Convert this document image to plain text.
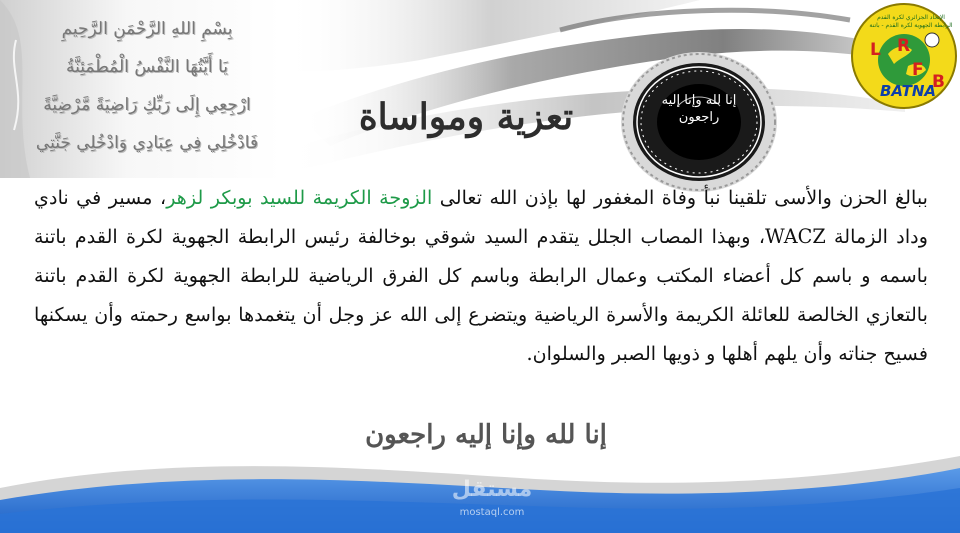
بِسْمِ اللهِ الرَّحْمَنِ الرَّحِيمِ
يَا أَيَّتُهَا النَّفْسُ الْمُطْمَئِنَّةُ
ارْجِعِي إِلَى رَبِّكِ رَاضِيَةً مَّرْضِيَّةً
فَادْخُلِي فِي عِبَادِي وَادْخُلِي جَنَّتِي
تعزية ومواساة	إنا لله وإنا إليه
راجعون
الإتحاد الجزائري لكرة القدم الرابطة الجهوية لكرة القدم - باتنة
L R
F
B
BATNA
ببالغ الحزن والأسى تلقينا نبأ وفاة المغفور لها بإذن الله تعالى الزوجة الكريمة للسيد بوبكر لزهر، مسير في نادي وداد الزمالة WACZ، وبهذا المصاب الجلل يتقدم السيد شوقي بوخالفة رئيس الرابطة الجهوية لكرة القدم باتنة باسمه و باسم كل أعضاء المكتب وعمال الرابطة وباسم كل الفرق الرياضية للرابطة الجهوية لكرة القدم باتنة بالتعازي الخالصة للعائلة الكريمة والأسرة الرياضية ويتضرع إلى الله عز وجل أن يتغمدها بواسع رحمته وأن يسكنها فسيح جناته وأن يلهم أهلها و ذويها الصبر والسلوان.
إنا لله وإنا إليه راجعون
مستقل
mostaql.com
